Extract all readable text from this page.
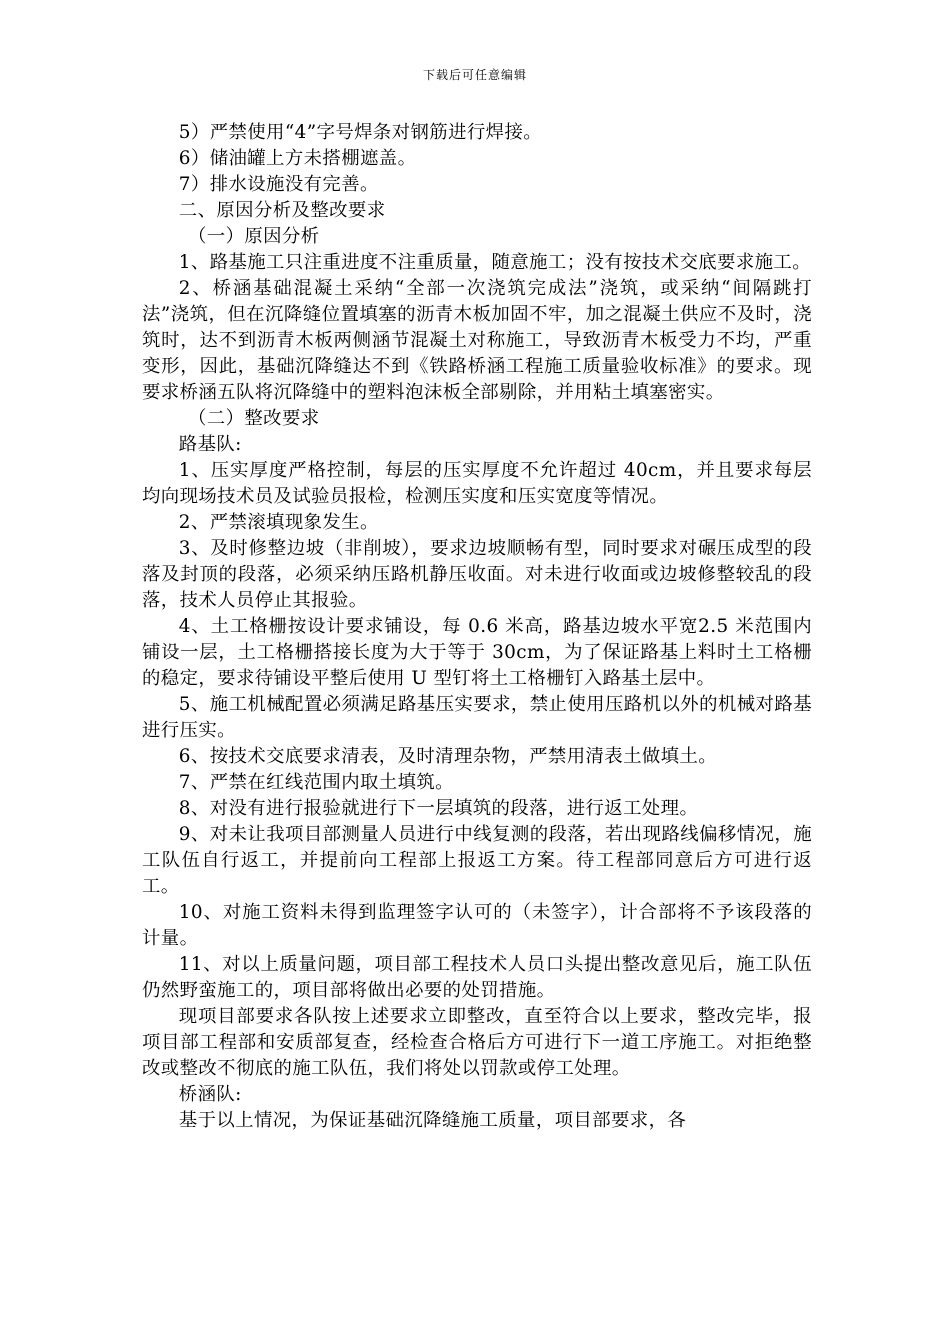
下载后可任意编辑

5）严禁使用“4”字号焊条对钢筋进行焊接。

6）储油罐上方未搭棚遮盖。

7）排水设施没有完善。

二、原因分析及整改要求

（一）原因分析

1、路基施工只注重进度不注重质量，随意施工；没有按技术交底要求施工。

2、桥涵基础混凝土采纳“全部一次浇筑完成法”浇筑，或采纳“间隔跳打法”浇筑，但在沉降缝位置填塞的沥青木板加固不牢，加之混凝土供应不及时，浇筑时，达不到沥青木板两侧涵节混凝土对称施工，导致沥青木板受力不均，严重变形，因此，基础沉降缝达不到《铁路桥涵工程施工质量验收标准》的要求。现要求桥涵五队将沉降缝中的塑料泡沫板全部剔除，并用粘土填塞密实。

（二）整改要求

路基队:

1、压实厚度严格控制，每层的压实厚度不允许超过 40cm，并且要求每层均向现场技术员及试验员报检，检测压实度和压实宽度等情况。

2、严禁滚填现象发生。

3、及时修整边坡（非削坡），要求边坡顺畅有型，同时要求对碾压成型的段落及封顶的段落，必须采纳压路机静压收面。对未进行收面或边坡修整较乱的段落，技术人员停止其报验。

4、土工格栅按设计要求铺设，每 0.6 米高，路基边坡水平宽2.5 米范围内铺设一层，土工格栅搭接长度为大于等于 30cm，为了保证路基上料时土工格栅的稳定，要求待铺设平整后使用 U 型钉将土工格栅钉入路基土层中。

5、施工机械配置必须满足路基压实要求，禁止使用压路机以外的机械对路基进行压实。

6、按技术交底要求清表，及时清理杂物，严禁用清表土做填土。

7、严禁在红线范围内取土填筑。

8、对没有进行报验就进行下一层填筑的段落，进行返工处理。

9、对未让我项目部测量人员进行中线复测的段落，若出现路线偏移情况，施工队伍自行返工，并提前向工程部上报返工方案。待工程部同意后方可进行返工。

10、对施工资料未得到监理签字认可的（未签字），计合部将不予该段落的计量。

11、对以上质量问题，项目部工程技术人员口头提出整改意见后，施工队伍仍然野蛮施工的，项目部将做出必要的处罚措施。

现项目部要求各队按上述要求立即整改，直至符合以上要求，整改完毕，报项目部工程部和安质部复查，经检查合格后方可进行下一道工序施工。对拒绝整改或整改不彻底的施工队伍，我们将处以罚款或停工处理。

桥涵队:

基于以上情况，为保证基础沉降缝施工质量，项目部要求，各
